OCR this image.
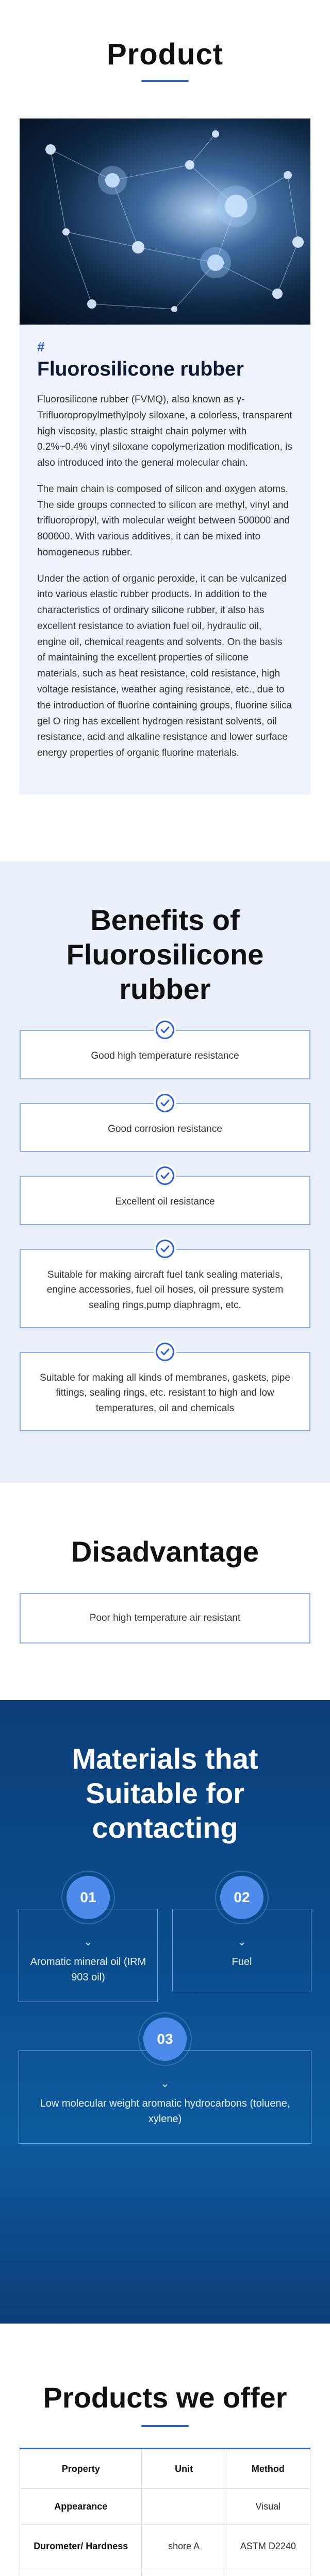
Product
#
Fluorosilicone rubber

Fluorosilicone rubber (FVMQ), also known as γ-Trifluoropropylmethylpoly siloxane, a colorless, transparent high viscosity, plastic straight chain polymer with 0.2%~0.4% vinyl siloxane copolymerization modification, is also introduced into the general molecular chain.

The main chain is composed of silicon and oxygen atoms. The side groups connected to silicon are methyl, vinyl and trifluoropropyl, with molecular weight between 500000 and 800000. With various additives, it can be mixed into homogeneous rubber.

Under the action of organic peroxide, it can be vulcanized into various elastic rubber products. In addition to the characteristics of ordinary silicone rubber, it also has excellent resistance to aviation fuel oil, hydraulic oil, engine oil, chemical reagents and solvents. On the basis of maintaining the excellent properties of silicone materials, such as heat resistance, cold resistance, high voltage resistance, weather aging resistance, etc., due to the introduction of fluorine containing groups, fluorine silica gel O ring has excellent hydrogen resistant solvents, oil resistance, acid and alkaline resistance and lower surface energy properties of organic fluorine materials.

Benefits of Fluorosilicone rubber
Good high temperature resistance
Good corrosion resistance
Excellent oil resistance
Suitable for making aircraft fuel tank sealing materials, engine accessories, fuel oil hoses, oil pressure system sealing rings,pump diaphragm, etc.
Suitable for making all kinds of membranes, gaskets, pipe fittings, sealing rings, etc. resistant to high and low temperatures, oil and chemicals
Disadvantage
Poor high temperature air resistant
Materials that Suitable for contacting
01
⌄
Aromatic mineral oil (IRM 903 oil)
02
⌄
Fuel
03
⌄
Low molecular weight aromatic hydrocarbons (toluene, xylene)
Products we offer
Property	Unit	Method
Appearance		Visual
Durometer/ Hardness	shore A	ASTM D2240
